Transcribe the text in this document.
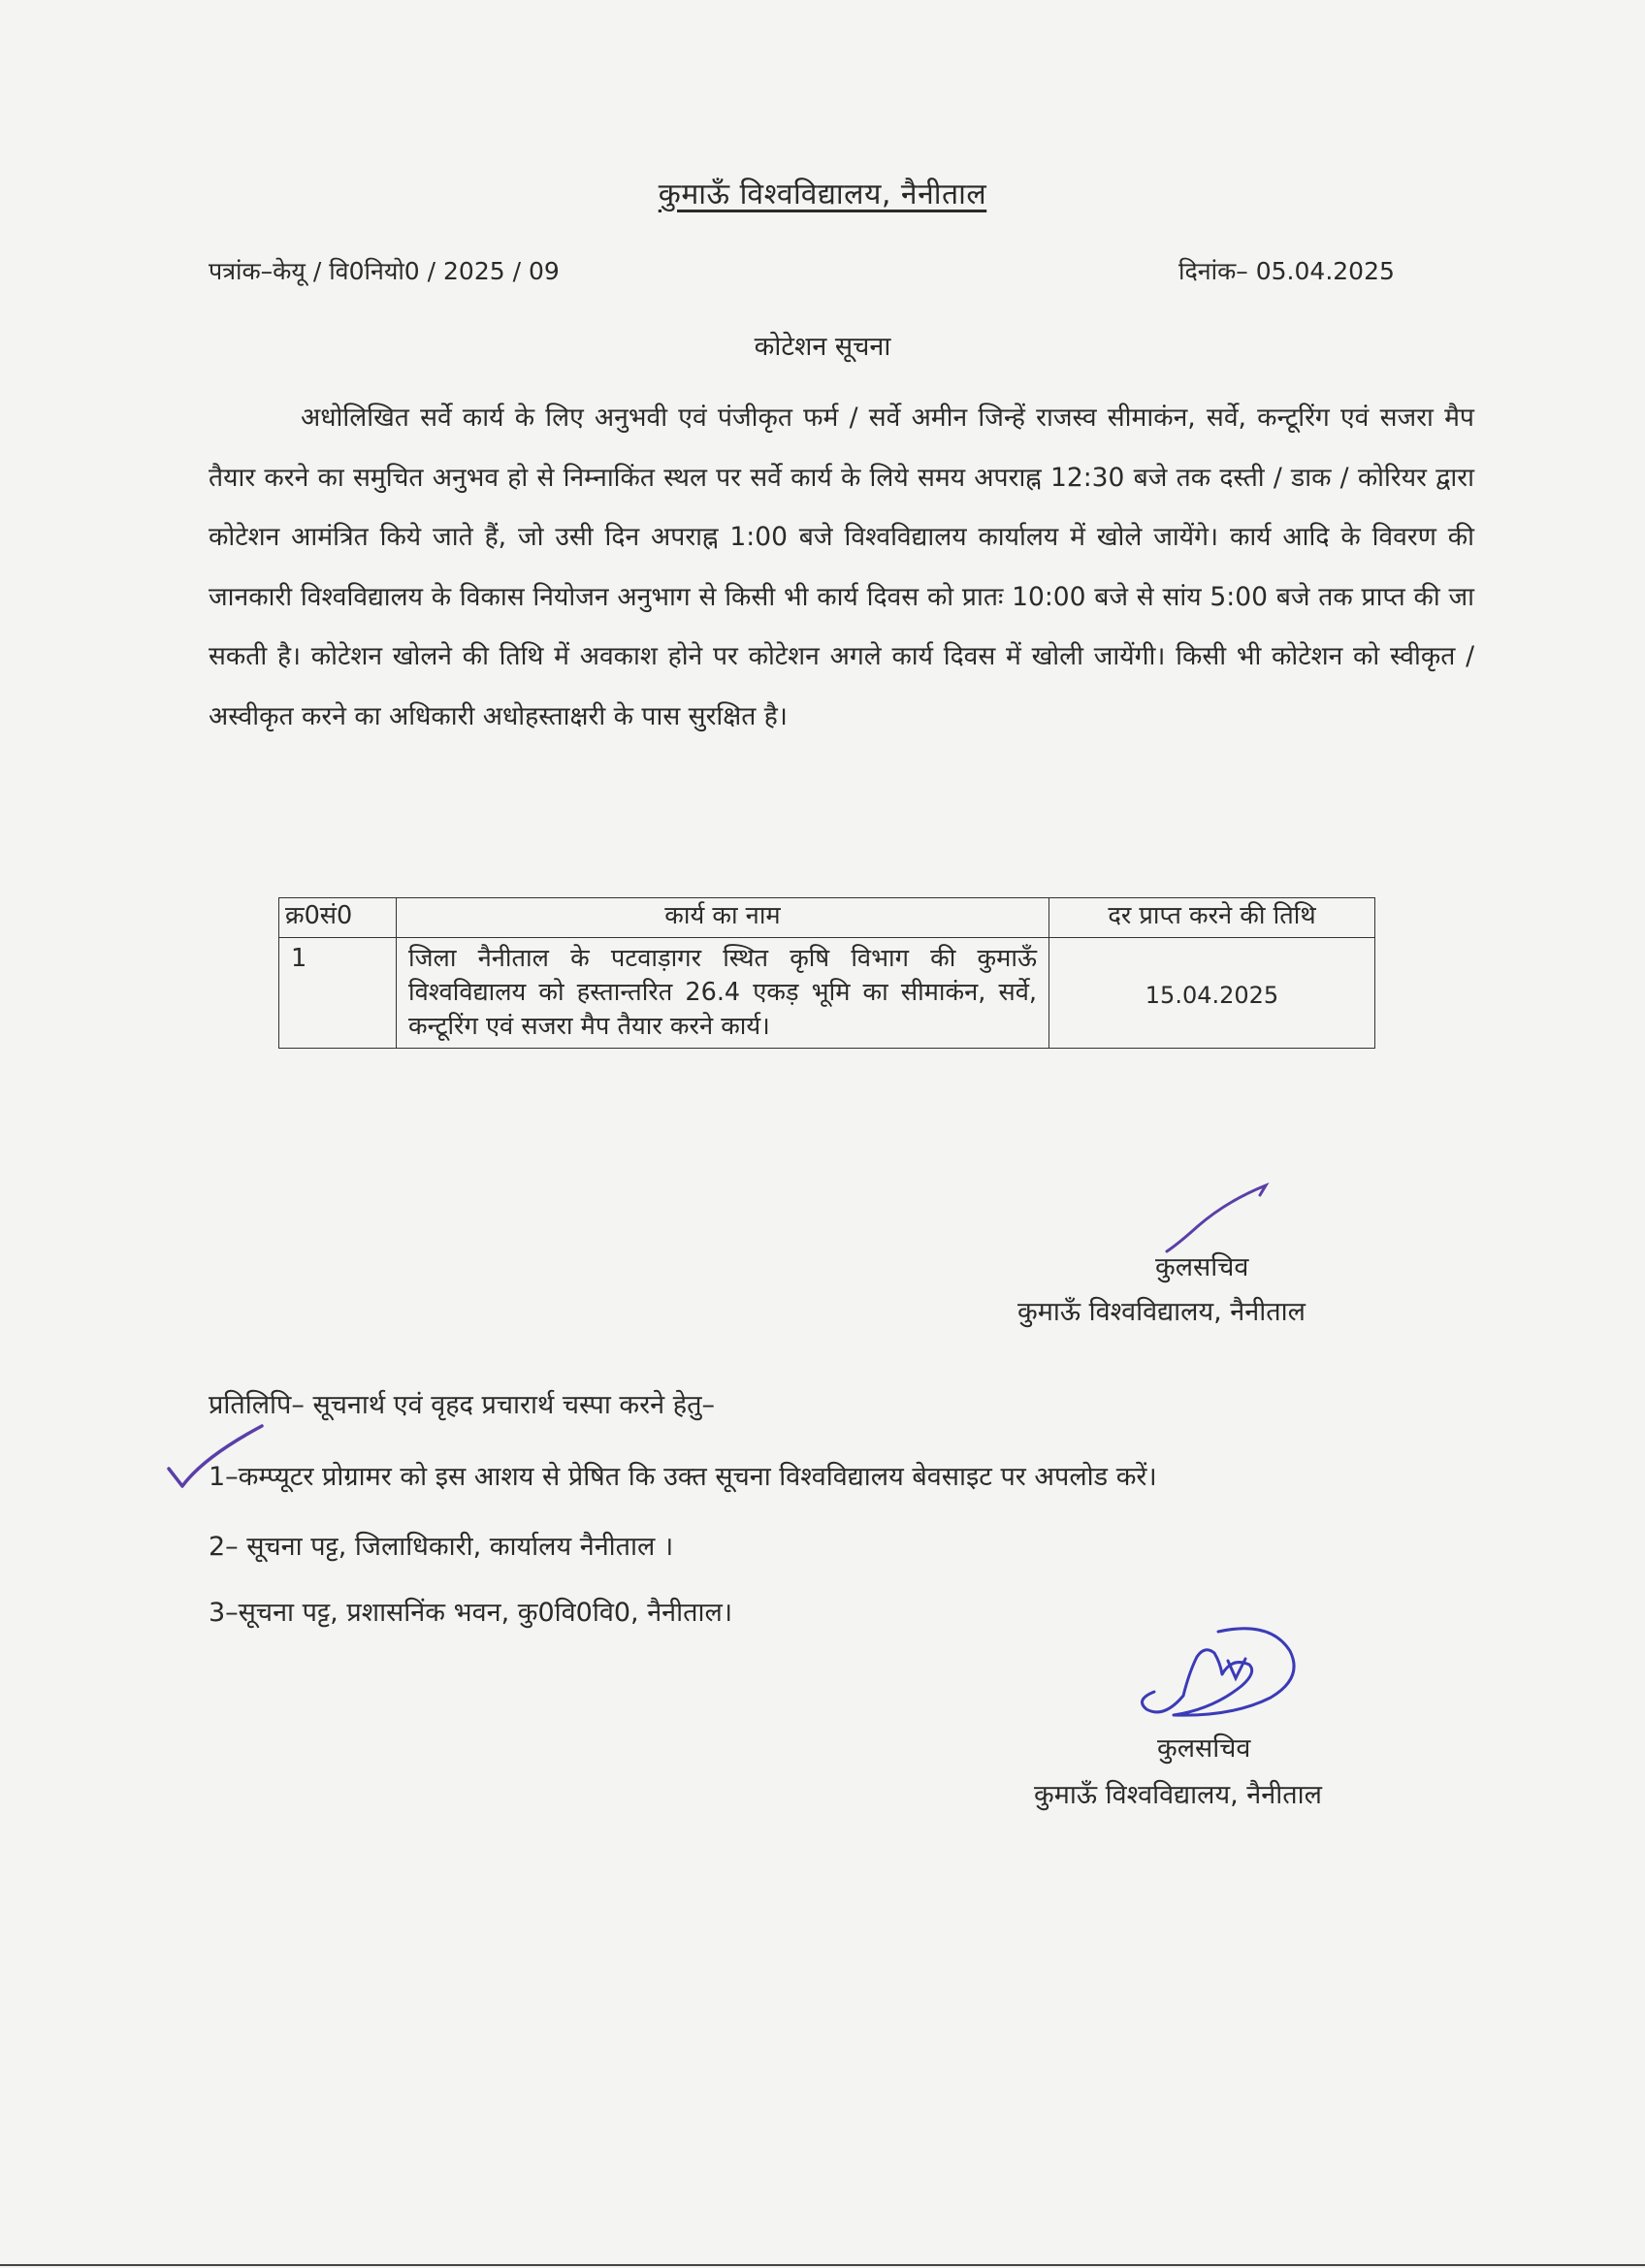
कुमाऊँ विश्वविद्यालय, नैनीताल
पत्रांक–केयू / वि0नियो0 / 2025 / 09	दिनांक– 05.04.2025
कोटेशन सूचना

अधोलिखित सर्वे कार्य के लिए अनुभवी एवं पंजीकृत फर्म / सर्वे अमीन जिन्हें राजस्व सीमाकंन, सर्वे, कन्टूरिंग एवं सजरा मैप तैयार करने का समुचित अनुभव हो से निम्नाकिंत स्थल पर सर्वे कार्य के लिये समय अपराह्न 12:30 बजे तक दस्ती / डाक / कोरियर द्वारा कोटेशन आमंत्रित किये जाते हैं, जो उसी दिन अपराह्न 1:00 बजे विश्वविद्यालय कार्यालय में खोले जायेंगे। कार्य आदि के विवरण की जानकारी विश्वविद्यालय के विकास नियोजन अनुभाग से किसी भी कार्य दिवस को प्रातः 10:00 बजे से सांय 5:00 बजे तक प्राप्त की जा सकती है। कोटेशन खोलने की तिथि में अवकाश होने पर कोटेशन अगले कार्य दिवस में खोली जायेंगी। किसी भी कोटेशन को स्वीकृत / अस्वीकृत करने का अधिकारी अधोहस्ताक्षरी के पास सुरक्षित है।

क्र0सं0	कार्य का नाम	दर प्राप्त करने की तिथि
1	जिला नैनीताल के पटवाड़ागर स्थित कृषि विभाग की कुमाऊँ विश्वविद्यालय को हस्तान्तरित 26.4 एकड़ भूमि का सीमाकंन, सर्वे, कन्टूरिंग एवं सजरा मैप तैयार करने कार्य।	15.04.2025
कुलसचिव
कुमाऊँ विश्वविद्यालय, नैनीताल
प्रतिलिपि– सूचनार्थ एवं वृहद प्रचारार्थ चस्पा करने हेतु–
1–कम्प्यूटर प्रोग्रामर को इस आशय से प्रेषित कि उक्त सूचना विश्वविद्यालय बेवसाइट पर अपलोड करें।
2– सूचना पट्ट, जिलाधिकारी, कार्यालय नैनीताल ।
3–सूचना पट्ट, प्रशासनिंक भवन, कु0वि0वि0, नैनीताल।
कुलसचिव
कुमाऊँ विश्वविद्यालय, नैनीताल
